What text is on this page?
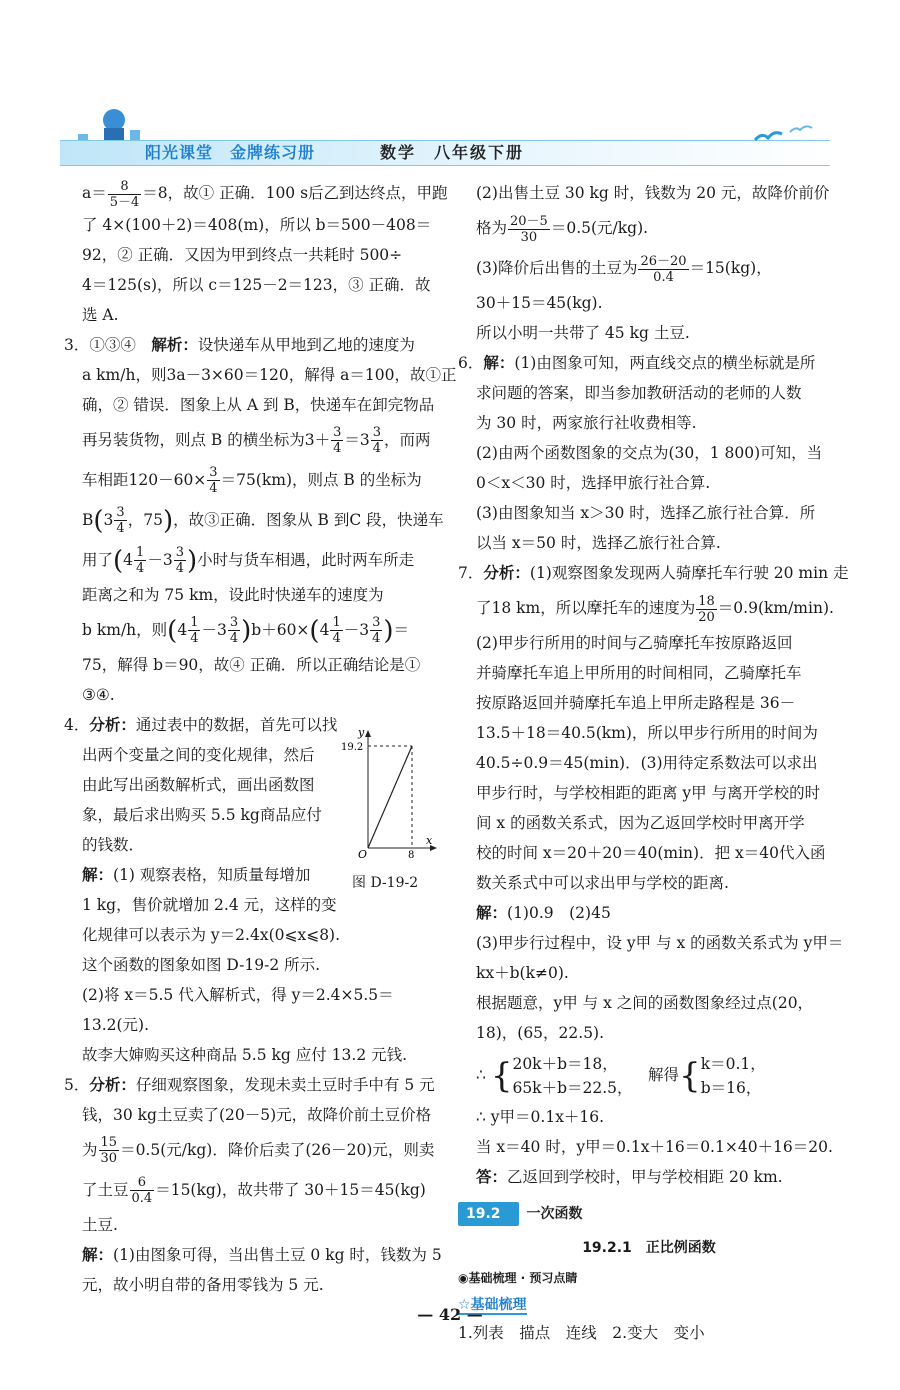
阳光课堂　金牌练习册	数学　八年级下册

$a= \frac{8}{5-4} =8$，故① 正确．100 s后乙到达终点，甲跑

了 4×(100＋2)＝408(m)，所以 b＝500－408＝

92，② 正确．又因为甲到终点一共耗时 500÷

4＝125(s)，所以 c＝125－2＝123，③ 正确．故

选 A.

3．①③④　解析：设快递车从甲地到乙地的速度为

a km/h，则3a－3×60＝120，解得 a＝100，故①正

确，② 错误．图象上从 A 到 B，快递车在卸完物品

再另装货物，则点 B 的横坐标为$3+ \frac{3}{4} =3 \frac{3}{4}$ ，而两

车相距$120-60\times \frac{3}{4} =75(km)$，则点 B 的坐标为

$B(3 \frac{3}{4}$ ，75)，故③正确．图象从 B 到C 段，快递车

用了($4 \frac{1}{4} -3 \frac{3}{4}$ )小时与货车相遇，此时两车所走

距离之和为 75 km，设此时快递车的速度为

b km/h，则$(4 \frac{1}{4} -3 \frac{3}{4} )b+60\times(4 \frac{1}{4} -3 \frac{3}{4}$ )＝

75，解得 b＝90，故④ 正确．所以正确结论是①

③④.

4．分析：通过表中的数据，首先可以找

出两个变量之间的变化规律，然后

由此写出函数解析式，画出函数图

象，最后求出购买 5.5 kg商品应付

的钱数．

解：(1) 观察表格，知质量每增加

1 kg，售价就增加 2.4 元，这样的变

化规律可以表示为 y＝2.4x(0⩽x⩽8).

这个函数的图象如图 D-19-2 所示.

(2)将 x＝5.5 代入解析式，得 y＝2.4×5.5＝

13.2(元).

故李大婶购买这种商品 5.5 kg 应付 13.2 元钱.

5．分析：仔细观察图象，发现未卖土豆时手中有 5 元

钱，30 kg土豆卖了(20－5)元，故降价前土豆价格

为 $\frac{15}{30} =0.5$(元/kg)．降价后卖了(26－20)元，则卖

了土豆 $\frac{6}{0.4} =15(kg)$，故共带了 30＋15＝45(kg)

土豆.

解：(1)由图象可得，当出售土豆 0 kg 时，钱数为 5

元，故小明自带的备用零钱为 5 元.

y
x
O
19.2
8
图 D-19-2

(2)出售土豆 30 kg 时，钱数为 20 元，故降价前价

格为 $\frac{20-5}{30} =0.5$(元/kg).

(3)降价后出售的土豆为 $\frac{26-20}{0.4} =15(kg)$，

30＋15＝45(kg).

所以小明一共带了 45 kg 土豆.

6．解：(1)由图象可知，两直线交点的横坐标就是所

求问题的答案，即当参加教研活动的老师的人数

为 30 时，两家旅行社收费相等.

(2)由两个函数图象的交点为(30，1 800)可知，当

0＜x＜30 时，选择甲旅行社合算.

(3)由图象知当 x＞30 时，选择乙旅行社合算．所

以当 x＝50 时，选择乙旅行社合算.

7．分析：(1)观察图象发现两人骑摩托车行驶 20 min 走

了18 km，所以摩托车的速度为 $\frac{18}{20} =0.9(km/\min)$.

(2)甲步行所用的时间与乙骑摩托车按原路返回

并骑摩托车追上甲所用的时间相同，乙骑摩托车

按原路返回并骑摩托车追上甲所走路程是 36－

13.5＋18＝40.5(km)，所以甲步行所用的时间为

40.5÷0.9＝45(min)．(3)用待定系数法可以求出

甲步行时，与学校相距的距离 y甲 与离开学校的时

间 x 的函数关系式，因为乙返回学校时甲离开学

校的时间 x＝20＋20＝40(min)．把 x＝40代入函

数关系式中可以求出甲与学校的距离.

解：(1)0.9　(2)45

(3)甲步行过程中，设 y甲 与 x 的函数关系式为 y甲＝

kx＋b(k≠0).

根据题意，y甲 与 x 之间的函数图象经过点(20，

18)，(65，22.5).

∴ {20k＋b＝18，
65k＋b＝22.5，　解得{k＝0.1，
b＝16，

∴ y甲＝0.1x＋16.

当 x＝40 时，y甲＝0.1x＋16＝0.1×40＋16＝20.

答：乙返回到学校时，甲与学校相距 20 km.

19.2 一次函数

19.2.1　正比例函数

◉基础梳理 · 预习点睛

☆基础梳理

1.列表　描点　连线　2.变大　变小

— 42 —
